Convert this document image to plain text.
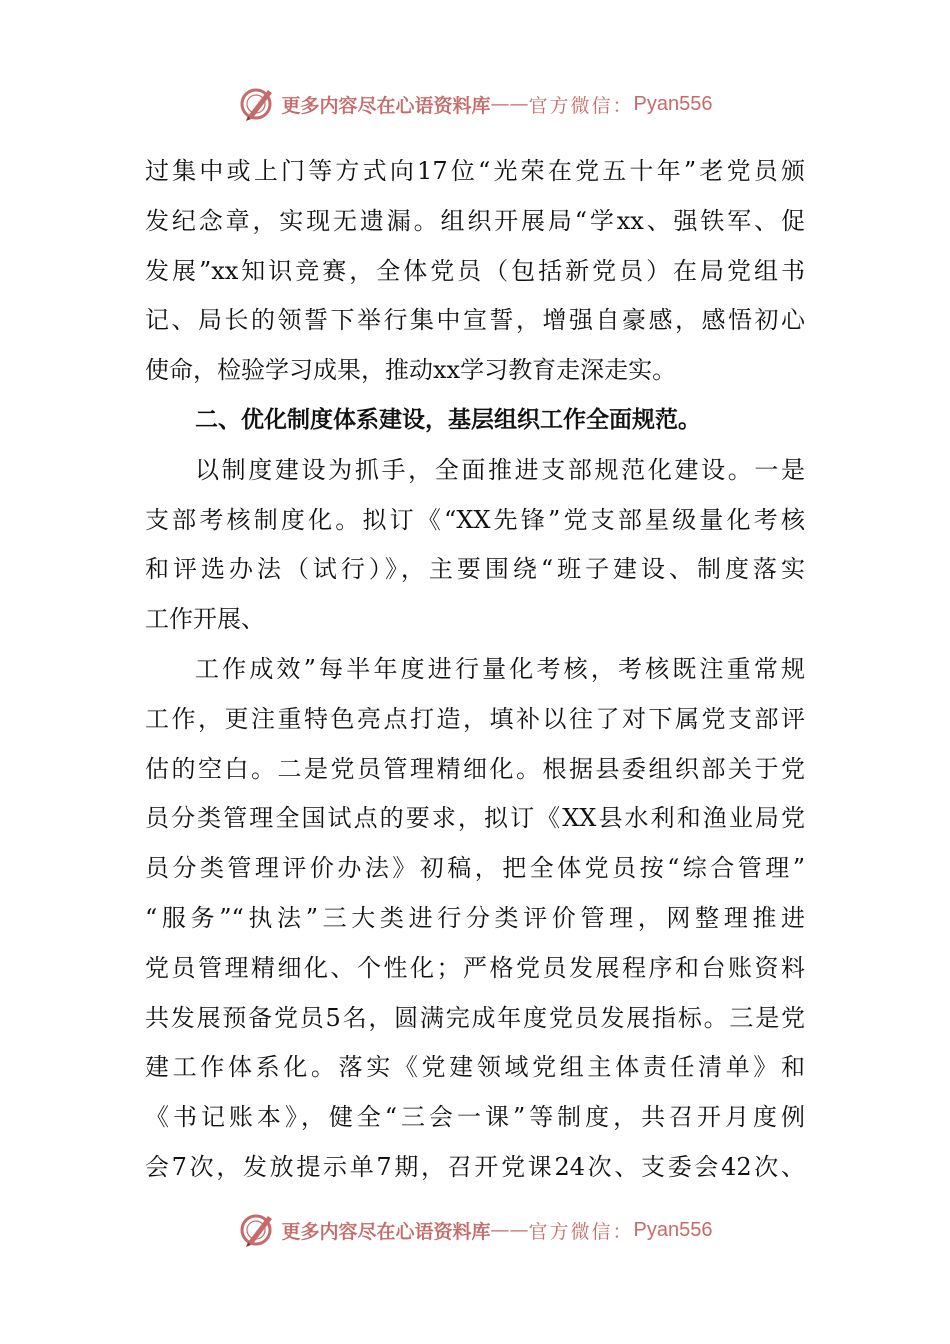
更多内容尽在心语资料库 —— 官方微信： Pyan556
过集中或上门等方式向17位“光荣在党五十年”老党员颁
发纪念章，实现无遗漏。组织开展局“学xx、强铁军、促
发展”xx知识竞赛，全体党员（包括新党员）在局党组书
记、局长的领誓下举行集中宣誓，增强自豪感，感悟初心
使命，检验学习成果，推动xx学习教育走深走实。
二、优化制度体系建设，基层组织工作全面规范。
以制度建设为抓手，全面推进支部规范化建设。一是
支部考核制度化。拟订《“XX先锋”党支部星级量化考核
和评选办法（试行）》，主要围绕“班子建设、制度落实
工作开展、
工作成效”每半年度进行量化考核，考核既注重常规
工作，更注重特色亮点打造，填补以往了对下属党支部评
估的空白。二是党员管理精细化。根据县委组织部关于党
员分类管理全国试点的要求，拟订《XX县水利和渔业局党
员分类管理评价办法》初稿，把全体党员按“综合管理”
“服务”“执法”三大类进行分类评价管理，网整理推进
党员管理精细化、个性化；严格党员发展程序和台账资料
共发展预备党员5名，圆满完成年度党员发展指标。三是党
建工作体系化。落实《党建领域党组主体责任清单》和
《书记账本》，健全“三会一课”等制度，共召开月度例
会7次，发放提示单7期，召开党课24次、支委会42次、
更多内容尽在心语资料库 —— 官方微信： Pyan556
